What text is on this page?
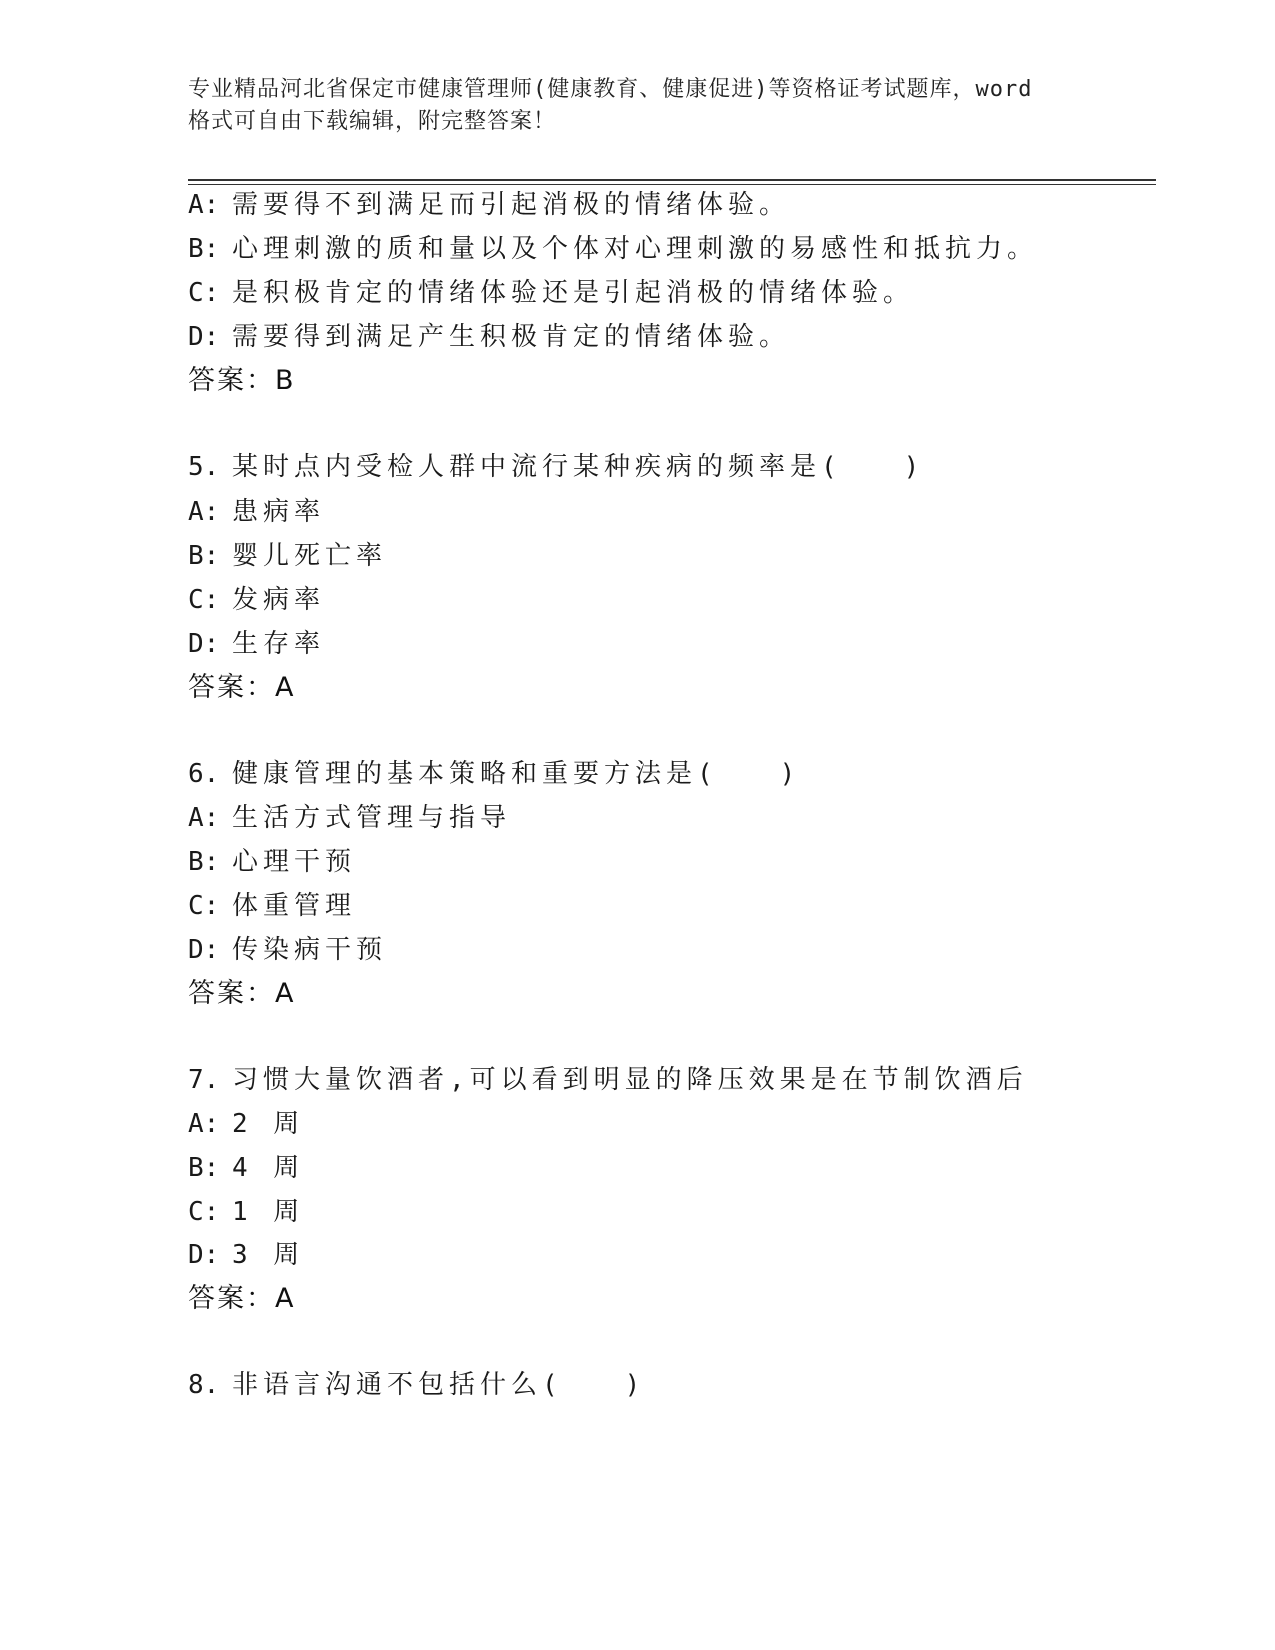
专业精品河北省保定市健康管理师(健康教育、健康促进)等资格证考试题库，word
格式可自由下载编辑，附完整答案！
A: 需要得不到满足而引起消极的情绪体验。
B: 心理刺激的质和量以及个体对心理刺激的易感性和抵抗力。
C: 是积极肯定的情绪体验还是引起消极的情绪体验。
D: 需要得到满足产生积极肯定的情绪体验。
答案：B
5. 某时点内受检人群中流行某种疾病的频率是(　　)
A: 患病率
B: 婴儿死亡率
C: 发病率
D: 生存率
答案：A
6. 健康管理的基本策略和重要方法是(　　)
A: 生活方式管理与指导
B: 心理干预
C: 体重管理
D: 传染病干预
答案：A
7. 习惯大量饮酒者,可以看到明显的降压效果是在节制饮酒后
A: 2 周
B: 4 周
C: 1 周
D: 3 周
答案：A
8. 非语言沟通不包括什么(　　)
